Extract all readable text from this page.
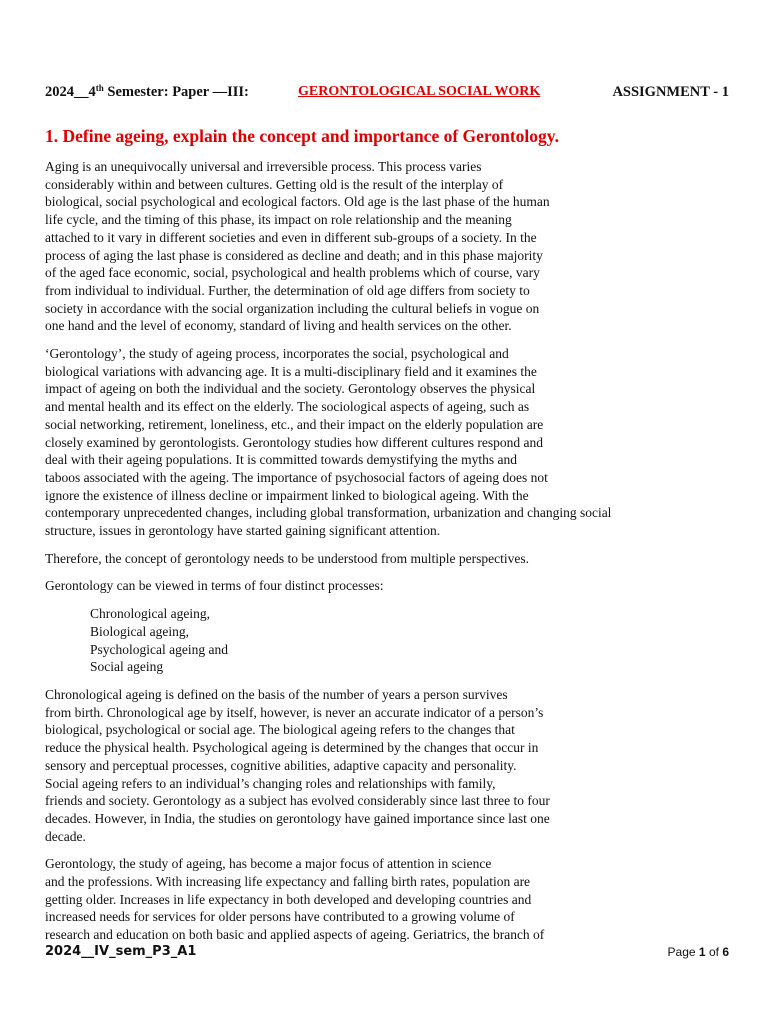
2024__4th Semester: Paper —III:	GERONTOLOGICAL SOCIAL WORK	ASSIGNMENT - 1
1. Define ageing, explain the concept and importance of Gerontology.

Aging is an unequivocally universal and irreversible process. This process varies
considerably within and between cultures. Getting old is the result of the interplay of
biological, social psychological and ecological factors. Old age is the last phase of the human
life cycle, and the timing of this phase, its impact on role relationship and the meaning
attached to it vary in different societies and even in different sub-groups of a society. In the
process of aging the last phase is considered as decline and death; and in this phase majority
of the aged face economic, social, psychological and health problems which of course, vary
from individual to individual. Further, the determination of old age differs from society to
society in accordance with the social organization including the cultural beliefs in vogue on
one hand and the level of economy, standard of living and health services on the other.

‘Gerontology’, the study of ageing process, incorporates the social, psychological and
biological variations with advancing age. It is a multi-disciplinary field and it examines the
impact of ageing on both the individual and the society. Gerontology observes the physical
and mental health and its effect on the elderly. The sociological aspects of ageing, such as
social networking, retirement, loneliness, etc., and their impact on the elderly population are
closely examined by gerontologists. Gerontology studies how different cultures respond and
deal with their ageing populations. It is committed towards demystifying the myths and
taboos associated with the ageing. The importance of psychosocial factors of ageing does not
ignore the existence of illness decline or impairment linked to biological ageing. With the
contemporary unprecedented changes, including global transformation, urbanization and changing social
structure, issues in gerontology have started gaining significant attention.

Therefore, the concept of gerontology needs to be understood from multiple perspectives.

Gerontology can be viewed in terms of four distinct processes:

Chronological ageing,
Biological ageing,
Psychological ageing and
Social ageing

Chronological ageing is defined on the basis of the number of years a person survives
from birth. Chronological age by itself, however, is never an accurate indicator of a person’s
biological, psychological or social age. The biological ageing refers to the changes that
reduce the physical health. Psychological ageing is determined by the changes that occur in
sensory and perceptual processes, cognitive abilities, adaptive capacity and personality.
Social ageing refers to an individual’s changing roles and relationships with family,
friends and society. Gerontology as a subject has evolved considerably since last three to four
decades. However, in India, the studies on gerontology have gained importance since last one
decade.

Gerontology, the study of ageing, has become a major focus of attention in science
and the professions. With increasing life expectancy and falling birth rates, population are
getting older. Increases in life expectancy in both developed and developing countries and
increased needs for services for older persons have contributed to a growing volume of
research and education on both basic and applied aspects of ageing. Geriatrics, the branch of

2024__IV_sem_P3_A1	Page 1 of 6
